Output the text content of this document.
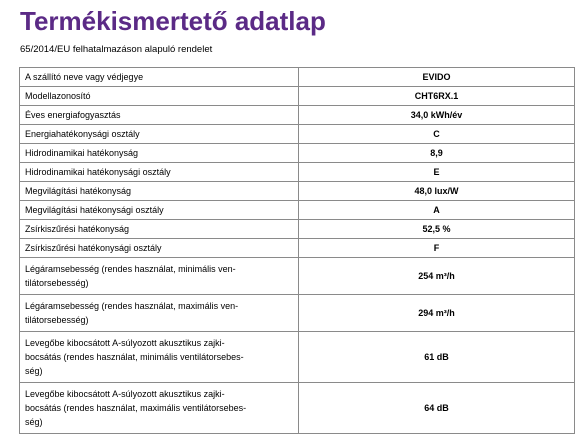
Termékismertető adatlap
65/2014/EU felhatalmazáson alapuló rendelet
A szállító neve vagy védjegye	EVIDO
Modellazonosító	CHT6RX.1
Éves energiafogyasztás	34,0 kWh/év
Energiahatékonysági osztály	C
Hidrodinamikai hatékonyság	8,9
Hidrodinamikai hatékonysági osztály	E
Megvilágítási hatékonyság	48,0 lux/W
Megvilágítási hatékonysági osztály	A
Zsírkiszűrési hatékonyság	52,5 %
Zsírkiszűrési hatékonysági osztály	F
Légáramsebesség (rendes használat, minimális ven-
tilátorsebesség)	254 m³/h
Légáramsebesség (rendes használat, maximális ven-
tilátorsebesség)	294 m³/h
Levegőbe kibocsátott A-súlyozott akusztikus zajki-
bocsátás (rendes használat, minimális ventilátorsebes-
ség)	61 dB
Levegőbe kibocsátott A-súlyozott akusztikus zajki-
bocsátás (rendes használat, maximális ventilátorsebes-
ség)	64 dB
